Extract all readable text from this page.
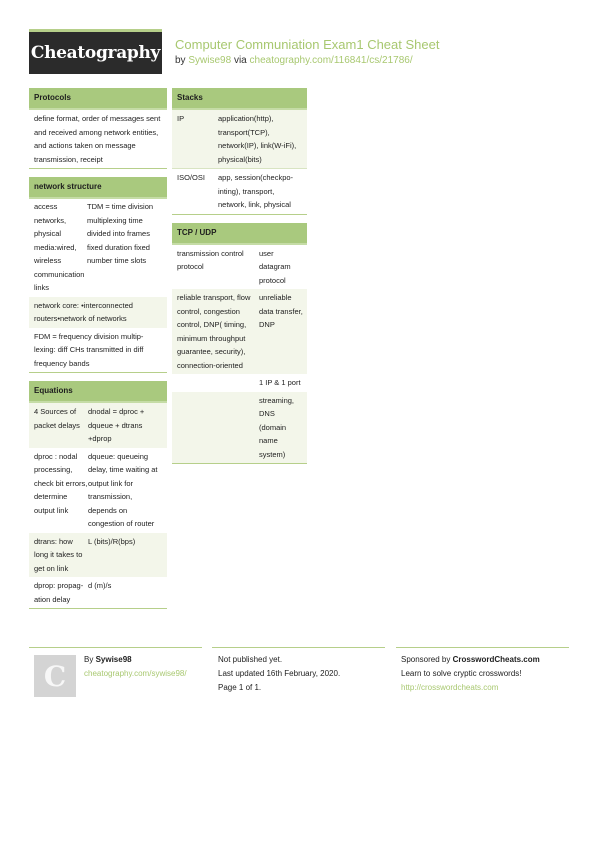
Cheatography Computer Communiation Exam1 Cheat Sheet
by Sywise98 via cheatography.com/116841/cs/21786/
Protocols
define format, order of messages sent and received among network entities, and actions taken on message transmission, receipt
network structure
access networks, physical media:wired, wireless communication links
TDM = time division multiplexing time divided into frames fixed duration fixed number time slots
network core: •interconnected routers•network of networks
FDM = frequency division multiplexing: diff CHs transmitted in diff frequency bands
Equations
4 Sources of packet delays
dnodal = dproc + dqueue + dtrans +dprop
dproc : nodal processing, check bit errors, determine output link
dqueue: queueing delay, time waiting at output link for transmission, depends on congestion of router
dtrans: how long it takes to get on link
L (bits)/R(bps)
dprop: propagation delay
d (m)/s
Stacks
IP	application(http), transport(TCP), network(IP), link(W-iFi), physical(bits)
ISO/OSI	app, session(checkpointing), transport, network, link, physical
TCP / UDP
transmission control protocol
user datagram protocol
reliable transport, flow control, congestion control, DNP( timing, minimum throughput guarantee, security), connection-oriented
unreliable data transfer, DNP
1 IP & 1 port
streaming, DNS (domain name system)
C By Sywise98
cheatography.com/sywise98/
Not published yet.
Last updated 16th February, 2020.
Page 1 of 1.
Sponsored by CrosswordCheats.com
Learn to solve cryptic crosswords!
http://crosswordcheats.com
